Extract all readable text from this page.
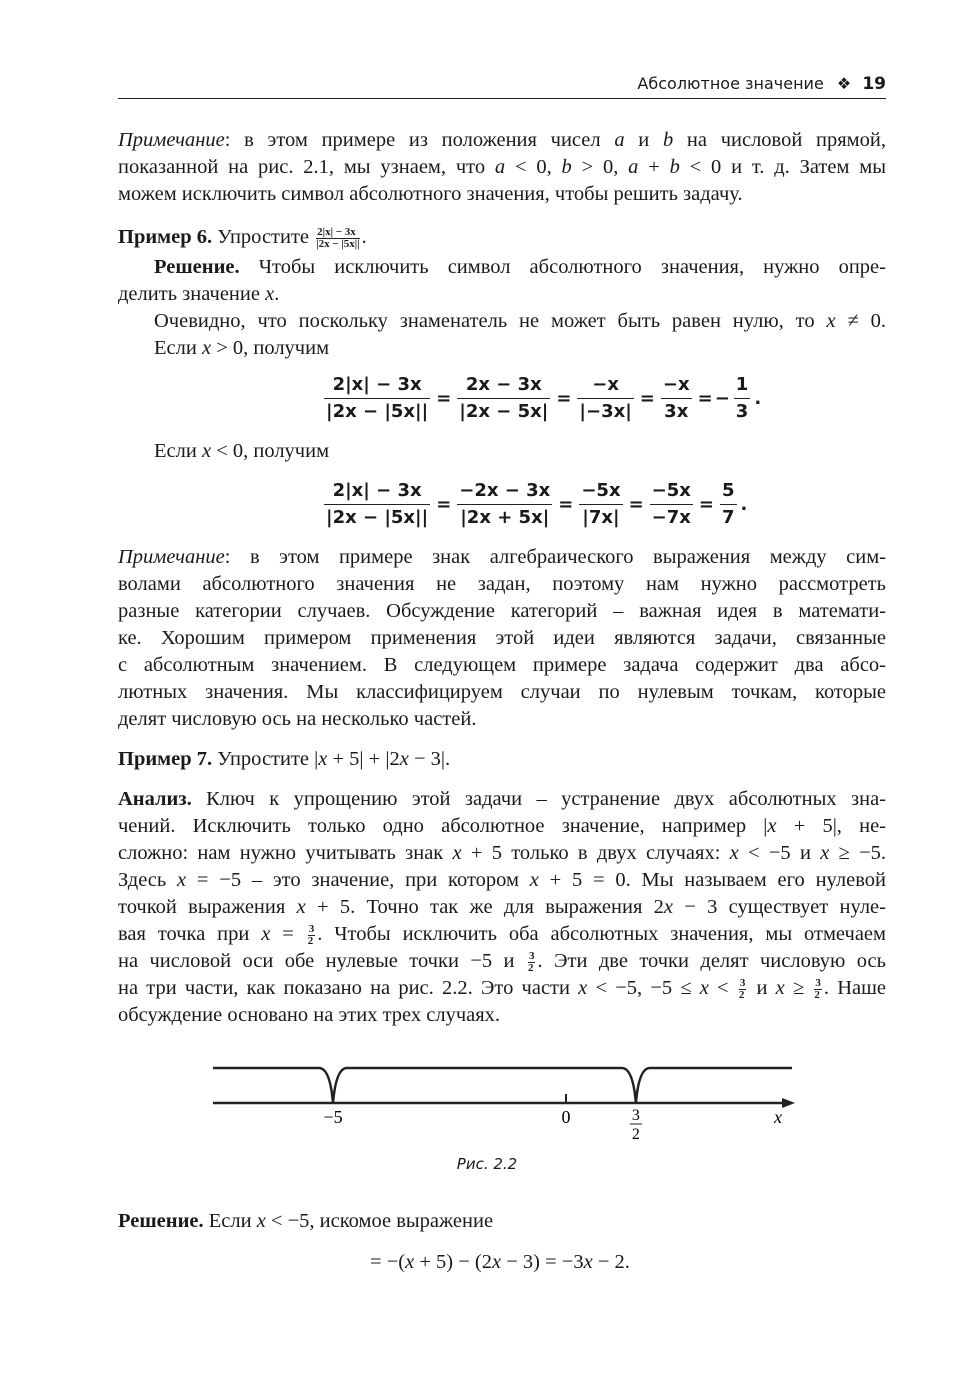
Абсолютное значение ❖ 19
Примечание: в этом примере из положения чисел a и b на числовой прямой,
показанной на рис. 2.1, мы узнаем, что a < 0, b > 0, a + b < 0 и т. д. Затем мы
можем исключить символ абсолютного значения, чтобы решить задачу.
Пример 6. Упростите $\frac{2|x| - 3x}{|2x - |5x||}$ .
Решение. Чтобы исключить символ абсолютного значения, нужно опре-
делить значение x.
Очевидно, что поскольку знаменатель не может быть равен нулю, то x ≠ 0.
Если x > 0, получим
Если x < 0, получим
Примечание: в этом примере знак алгебраического выражения между сим-
волами абсолютного значения не задан, поэтому нам нужно рассмотреть
разные категории случаев. Обсуждение категорий – важная идея в математи-
ке. Хорошим примером применения этой идеи являются задачи, связанные
с абсолютным значением. В следующем примере задача содержит два абсо-
лютных значения. Мы классифицируем случаи по нулевым точкам, которые
делят числовую ось на несколько частей.
Пример 7. Упростите |x + 5| + |2x − 3|.
Анализ. Ключ к упрощению этой задачи – устранение двух абсолютных зна-
чений. Исключить только одно абсолютное значение, например |x + 5|, не-
сложно: нам нужно учитывать знак x + 5 только в двух случаях: x < −5 и x ≥ −5.
Здесь x = −5 – это значение, при котором x + 5 = 0. Мы называем его нулевой
точкой выражения x + 5. Точно так же для выражения 2x − 3 существует нуле-
вая точка при $x = \frac{3}{2}$ . Чтобы исключить оба абсолютных значения, мы отмечаем
на числовой оси обе нулевые точки −5 и $\frac{3}{2}$ . Эти две точки делят числовую ось
на три части, как показано на рис. 2.2. Это части x < −5, $-5 \le x < \frac{3}{2}$ и $x \ge \frac{3}{2}$ . Наше
обсуждение основано на этих трех случаях.
Решение. Если x < −5, искомое выражение
$\frac{2|x| - 3x}{|2x - |5x||} = \frac{2x - 3x}{|2x - 5x|} = \frac{-x}{|-3x|} = \frac{-x}{3x}$ = − $\frac{1}{3}$ .
$\frac{2|x| - 3x}{|2x - |5x||} = \frac{-2x - 3x}{|2x + 5x|} = \frac{-5x}{|7x|} = \frac{-5x}{-7x} = \frac{5}{7}$ .
−5	0	3
2
x
Рис. 2.2
= −(x + 5) − (2x − 3) = −3x − 2.
